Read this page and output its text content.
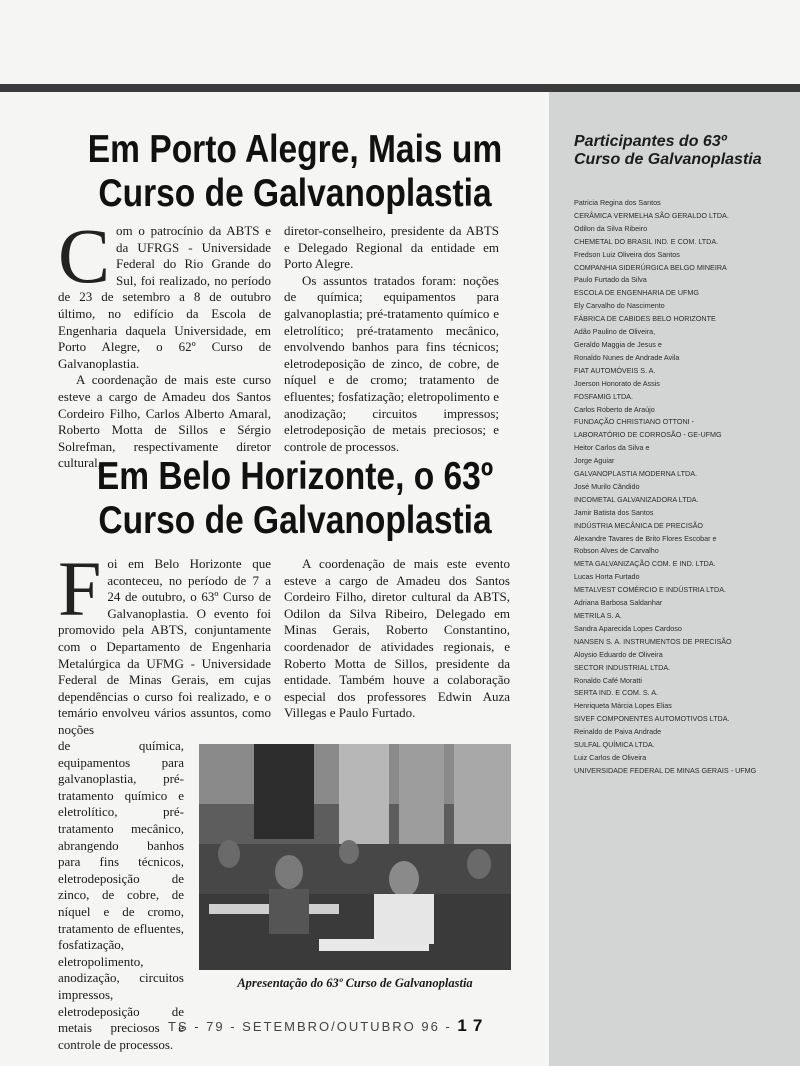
Em Porto Alegre, Mais um
Curso de Galvanoplastia

Com o patrocínio da ABTS e da UFRGS - Universidade Federal do Rio Grande do Sul, foi realizado, no período de 23 de setembro a 8 de outubro último, no edifício da Escola de Engenharia daquela Universidade, em Porto Alegre, o 62º Curso de Galvanoplastia.

A coordenação de mais este curso esteve a cargo de Amadeu dos Santos Cordeiro Filho, Carlos Alberto Amaral, Roberto Motta de Sillos e Sérgio Solrefman, respectivamente diretor cultural,

diretor-conselheiro, presidente da ABTS e Delegado Regional da entidade em Porto Alegre.

Os assuntos tratados foram: noções de química; equipamentos para galvanoplastia; pré-tratamento químico e eletrolítico; pré-tratamento mecânico, envolvendo banhos para fins técnicos; eletrodeposição de zinco, de cobre, de níquel e de cromo; tratamento de efluentes; fosfatização; eletropolimento e anodização; circuitos impressos; eletrodeposição de metais preciosos; e controle de processos.

Em Belo Horizonte, o 63º
Curso de Galvanoplastia

Foi em Belo Horizonte que aconteceu, no período de 7 a 24 de outubro, o 63º Curso de Galvanoplastia. O evento foi promovido pela ABTS, conjuntamente com o Departamento de Engenharia Metalúrgica da UFMG - Universidade Federal de Minas Gerais, em cujas dependências o curso foi realizado, e o temário envolveu vários assuntos, como noções

de química, equipamentos para galvanoplastia, pré-tratamento químico e eletrolítico, pré-tratamento mecânico, abrangendo banhos para fins técnicos, eletrodeposição de zinco, de cobre, de níquel e de cromo, tratamento de efluentes, fosfatização, eletropolimento, anodização, circuitos impressos, eletrodeposição de metais preciosos e controle de processos.

A coordenação de mais este evento esteve a cargo de Amadeu dos Santos Cordeiro Filho, diretor cultural da ABTS, Odilon da Silva Ribeiro, Delegado em Minas Gerais, Roberto Constantino, coordenador de atividades regionais, e Roberto Motta de Sillos, presidente da entidade. Também houve a colaboração especial dos professores Edwin Auza Villegas e Paulo Furtado.

Apresentação do 63º Curso de Galvanoplastia
Participantes do 63º Curso de Galvanoplastia
Patricia Regina dos Santos
CERÂMICA VERMELHA SÃO GERALDO LTDA.
Odilon da Silva Ribeiro
CHEMETAL DO BRASIL IND. E COM. LTDA.
Fredson Luiz Oliveira dos Santos
COMPANHIA SIDERÚRGICA BELGO MINEIRA
Paulo Furtado da Silva
ESCOLA DE ENGENHARIA DE UFMG
Ely Carvalho do Nascimento
FÁBRICA DE CABIDES BELO HORIZONTE
Adão Paulino de Oliveira,
Geraldo Maggia de Jesus e
Ronaldo Nunes de Andrade Avila
FIAT AUTOMÓVEIS S. A.
Joerson Honorato de Assis
FOSFAMIG LTDA.
Carlos Roberto de Araújo
FUNDAÇÃO CHRISTIANO OTTONI -
LABORATÓRIO DE CORROSÃO - GE-UFMG
Heitor Carlos da Silva e
Jorge Aguiar
GALVANOPLASTIA MODERNA LTDA.
José Murilo Cândido
INCOMETAL GALVANIZADORA LTDA.
Jamir Batista dos Santos
INDÚSTRIA MECÂNICA DE PRECISÃO
Alexandre Tavares de Brito Flores Escobar e
Robson Alves de Carvalho
META GALVANIZAÇÃO COM. E IND. LTDA.
Lucas Horta Furtado
METALVEST COMÉRCIO E INDÚSTRIA LTDA.
Adriana Barbosa Saldanhar
METRILA S. A.
Sandra Aparecida Lopes Cardoso
NANSEN S. A. INSTRUMENTOS DE PRECISÃO
Aloysio Eduardo de Oliveira
SECTOR INDUSTRIAL LTDA.
Ronaldo Café Moratti
SERTA IND. E COM. S. A.
Henriqueta Márcia Lopes Elias
SIVEF COMPONENTES AUTOMOTIVOS LTDA.
Reinaldo de Paiva Andrade
SULFAL QUÍMICA LTDA.
Luiz Carlos de Oliveira
UNIVERSIDADE FEDERAL DE MINAS GERAIS - UFMG
TS - 79 - SETEMBRO/OUTUBRO 96 - 17
